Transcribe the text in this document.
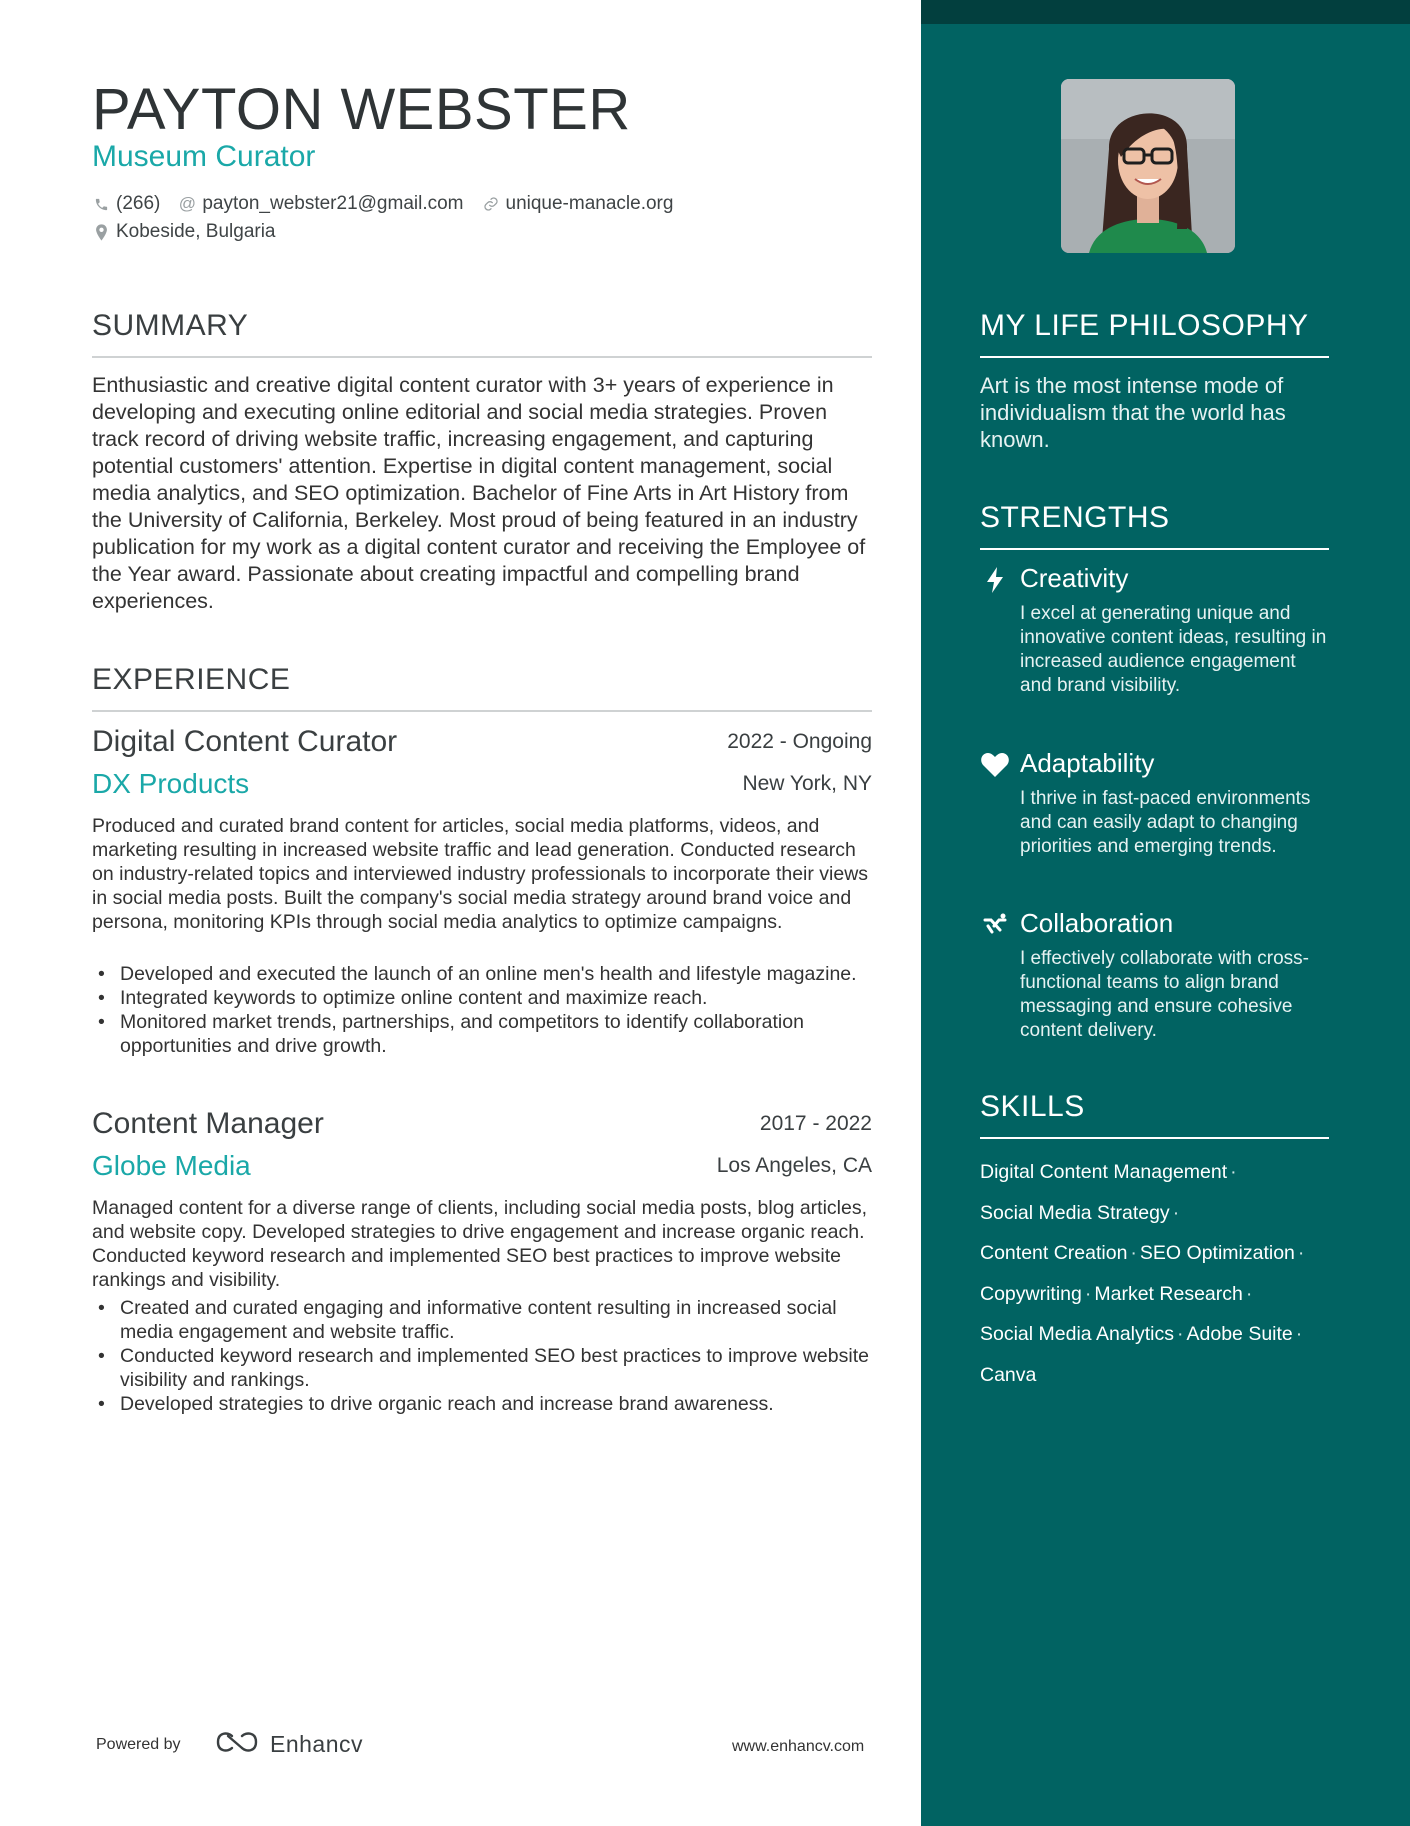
PAYTON WEBSTER
Museum Curator
(266) @ payton_webster21@gmail.com unique-manacle.org
Kobeside, Bulgaria
SUMMARY
Enthusiastic and creative digital content curator with 3+ years of experience in developing and executing online editorial and social media strategies. Proven track record of driving website traffic, increasing engagement, and capturing potential customers' attention. Expertise in digital content management, social media analytics, and SEO optimization. Bachelor of Fine Arts in Art History from the University of California, Berkeley. Most proud of being featured in an industry publication for my work as a digital content curator and receiving the Employee of the Year award. Passionate about creating impactful and compelling brand experiences.
EXPERIENCE
Digital Content Curator	2022 - Ongoing
DX Products	New York, NY
Produced and curated brand content for articles, social media platforms, videos, and marketing resulting in increased website traffic and lead generation. Conducted research on industry-related topics and interviewed industry professionals to incorporate their views in social media posts. Built the company's social media strategy around brand voice and persona, monitoring KPIs through social media analytics to optimize campaigns.
• Developed and executed the launch of an online men's health and lifestyle magazine.
• Integrated keywords to optimize online content and maximize reach.
• Monitored market trends, partnerships, and competitors to identify collaboration opportunities and drive growth.
Content Manager	2017 - 2022
Globe Media	Los Angeles, CA
Managed content for a diverse range of clients, including social media posts, blog articles, and website copy. Developed strategies to drive engagement and increase organic reach. Conducted keyword research and implemented SEO best practices to improve website rankings and visibility.
• Created and curated engaging and informative content resulting in increased social media engagement and website traffic.
• Conducted keyword research and implemented SEO best practices to improve website visibility and rankings.
• Developed strategies to drive organic reach and increase brand awareness.
Powered by	Enhancv	www.enhancv.com
MY LIFE PHILOSOPHY
Art is the most intense mode of individualism that the world has known.
STRENGTHS
Creativity
I excel at generating unique and innovative content ideas, resulting in increased audience engagement and brand visibility.
Adaptability
I thrive in fast-paced environments and can easily adapt to changing priorities and emerging trends.
Collaboration
I effectively collaborate with cross-functional teams to align brand messaging and ensure cohesive content delivery.
SKILLS
Digital Content Management ·
Social Media Strategy ·
Content Creation · SEO Optimization ·
Copywriting · Market Research ·
Social Media Analytics · Adobe Suite ·
Canva
